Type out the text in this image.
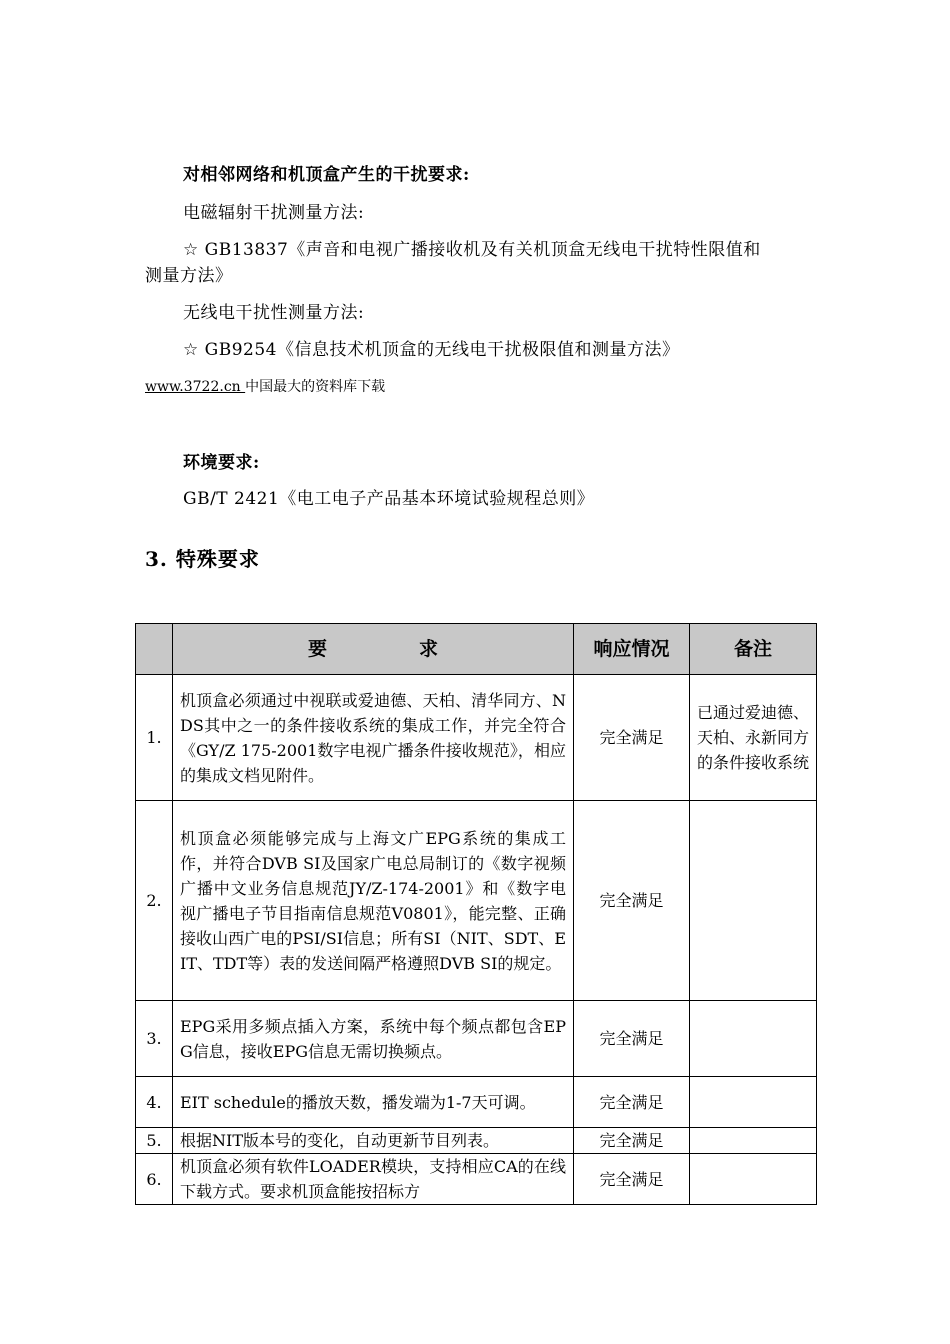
对相邻网络和机顶盒产生的干扰要求:
电磁辐射干扰测量方法:
☆ GB13837《声音和电视广播接收机及有关机顶盒无线电干扰特性限值和
测量方法》
无线电干扰性测量方法:
☆ GB9254《信息技术机顶盒的无线电干扰极限值和测量方法》
www.3722.cn 中国最大的资料库下载
环境要求:
GB/T 2421《电工电子产品基本环境试验规程总则》
3. 特殊要求
	要求	响应情况	备注
1.	机顶盒必须通过中视联或爱迪德、天柏、清华同方、NDS其中之一的条件接收系统的集成工作，并完全符合《GY/Z 175-2001数字电视广播条件接收规范》，相应的集成文档见附件。	完全满足	已通过爱迪德、天柏、永新同方的条件接收系统
2.	机顶盒必须能够完成与上海文广EPG系统的集成工作，并符合DVB SI及国家广电总局制订的《数字视频广播中文业务信息规范JY/Z-174-2001》和《数字电视广播电子节目指南信息规范V0801》，能完整、正确接收山西广电的PSI/SI信息；所有SI（NIT、SDT、EIT、TDT等）表的发送间隔严格遵照DVB SI的规定。	完全满足	
3.	EPG采用多频点插入方案，系统中每个频点都包含EPG信息，接收EPG信息无需切换频点。	完全满足	
4.	EIT schedule的播放天数，播发端为1-7天可调。	完全满足	
5.	根据NIT版本号的变化，自动更新节目列表。	完全满足	
6.	机顶盒必须有软件LOADER模块，支持相应CA的在线下载方式。要求机顶盒能按招标方	完全满足	
